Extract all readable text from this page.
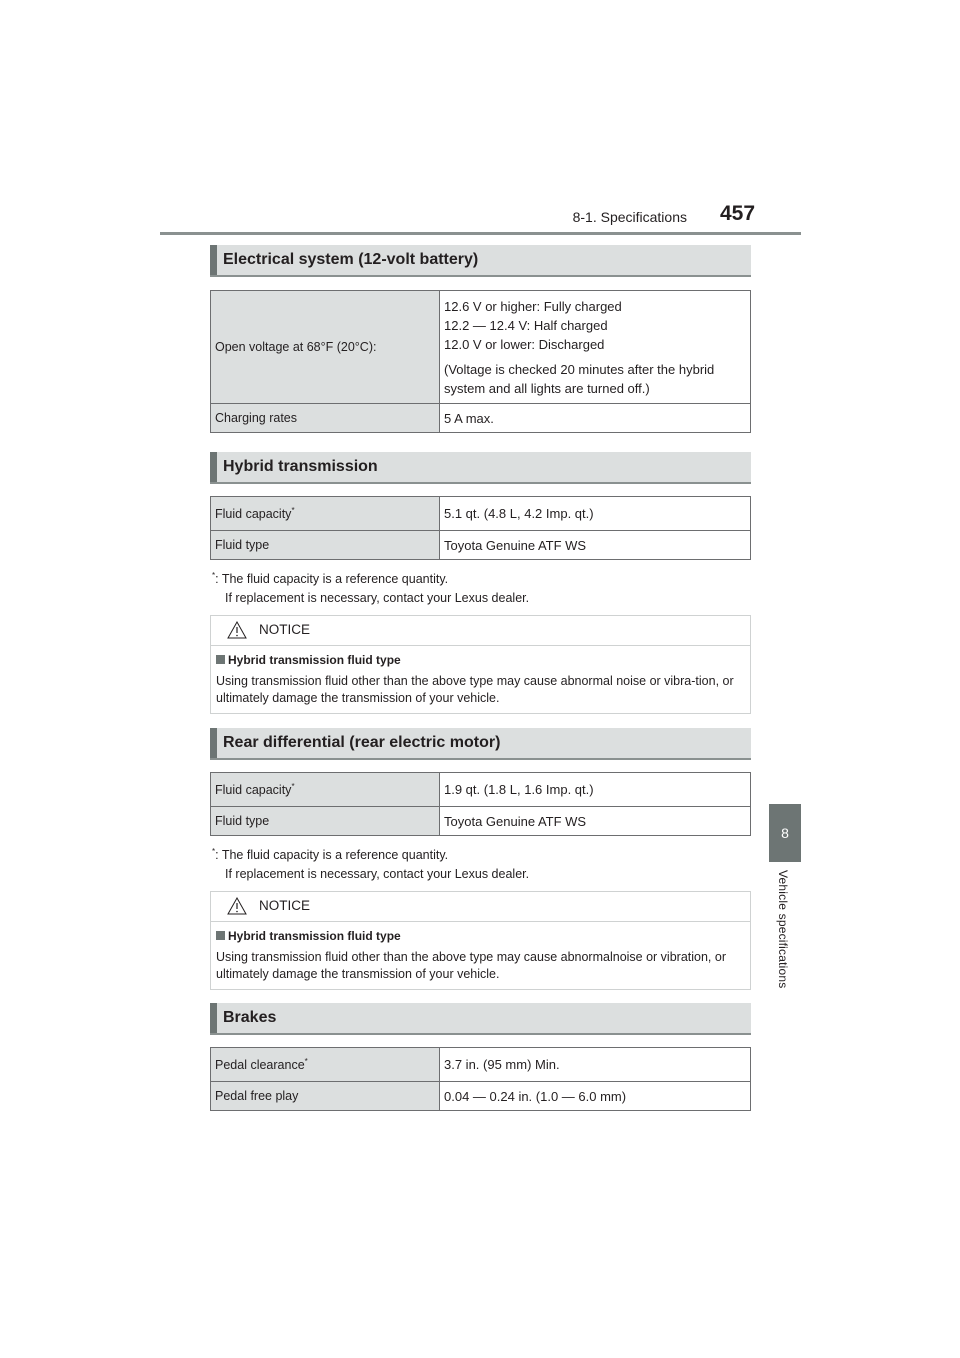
8-1. Specifications 457
8
Vehicle specifications
Electrical system (12-volt battery)
Open voltage at 68°F (20°C):	12.6 V or higher: Fully charged
12.2 — 12.4 V: Half charged
12.0 V or lower: Discharged
(Voltage is checked 20 minutes after the hybrid system and all lights are turned off.)

Charging rates	5 A max.
Hybrid transmission
Fluid capacity*	5.1 qt. (4.8 L, 4.2 Imp. qt.)
Fluid type	Toyota Genuine ATF WS
*: The fluid capacity is a reference quantity.
If replacement is necessary, contact your Lexus dealer.
NOTICE
Hybrid transmission fluid type
Using transmission fluid other than the above type may cause abnormal noise or vibra-tion, or ultimately damage the transmission of your vehicle.
Rear differential (rear electric motor)
Fluid capacity*	1.9 qt. (1.8 L, 1.6 Imp. qt.)
Fluid type	Toyota Genuine ATF WS
*: The fluid capacity is a reference quantity.
If replacement is necessary, contact your Lexus dealer.
NOTICE
Hybrid transmission fluid type
Using transmission fluid other than the above type may cause abnormalnoise or vibration, or ultimately damage the transmission of your vehicle.
Brakes
Pedal clearance*	3.7 in. (95 mm) Min.
Pedal free play	0.04 — 0.24 in. (1.0 — 6.0 mm)
